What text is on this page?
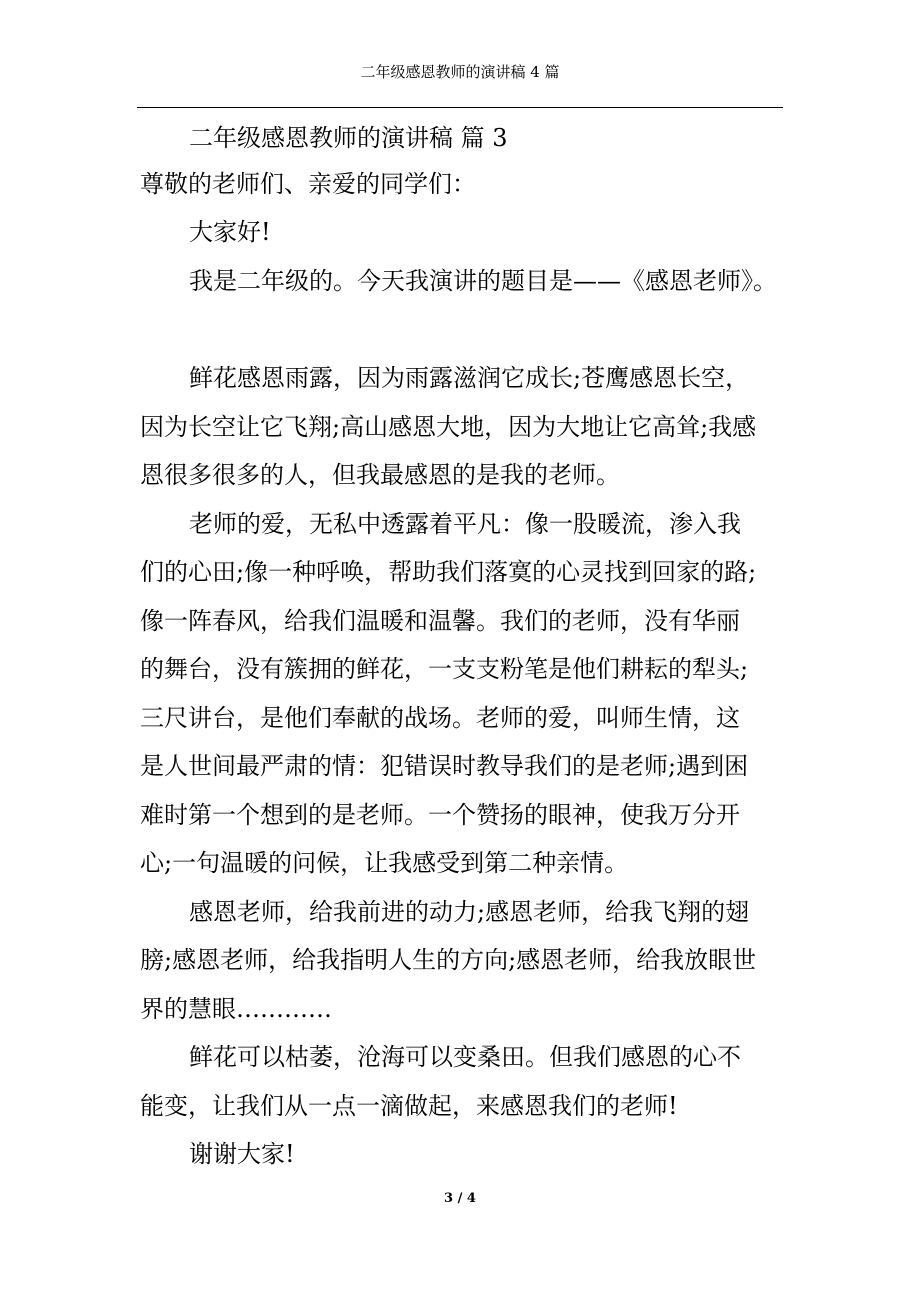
二年级感恩教师的演讲稿 4 篇
二年级感恩教师的演讲稿 篇 3
尊敬的老师们、亲爱的同学们：
大家好!
我是二年级的。今天我演讲的题目是——《感恩老师》。
鲜花感恩雨露，因为雨露滋润它成长;苍鹰感恩长空，
因为长空让它飞翔;高山感恩大地，因为大地让它高耸;我感
恩很多很多的人，但我最感恩的是我的老师。
老师的爱，无私中透露着平凡：像一股暖流，渗入我
们的心田;像一种呼唤，帮助我们落寞的心灵找到回家的路;
像一阵春风，给我们温暖和温馨。我们的老师，没有华丽
的舞台，没有簇拥的鲜花，一支支粉笔是他们耕耘的犁头;
三尺讲台，是他们奉献的战场。老师的爱，叫师生情，这
是人世间最严肃的情：犯错误时教导我们的是老师;遇到困
难时第一个想到的是老师。一个赞扬的眼神，使我万分开
心;一句温暖的问候，让我感受到第二种亲情。
感恩老师，给我前进的动力;感恩老师，给我飞翔的翅
膀;感恩老师，给我指明人生的方向;感恩老师，给我放眼世
界的慧眼…………
鲜花可以枯萎，沧海可以变桑田。但我们感恩的心不
能变，让我们从一点一滴做起，来感恩我们的老师!
谢谢大家!
3 / 4
